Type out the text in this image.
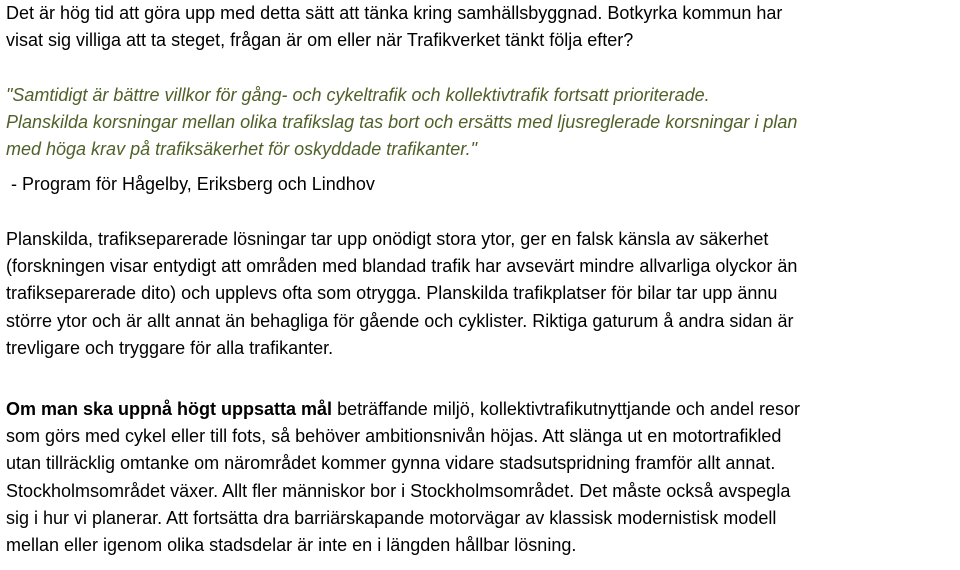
Det är hög tid att göra upp med detta sätt att tänka kring samhällsbyggnad. Botkyrka kommun har
visat sig villiga att ta steget, frågan är om eller när Trafikverket tänkt följa efter?
"Samtidigt är bättre villkor för gång- och cykeltrafik och kollektivtrafik fortsatt prioriterade.
Planskilda korsningar mellan olika trafikslag tas bort och ersätts med ljusreglerade korsningar i plan
med höga krav på trafiksäkerhet för oskyddade trafikanter."
- Program för Hågelby, Eriksberg och Lindhov
Planskilda, trafikseparerade lösningar tar upp onödigt stora ytor, ger en falsk känsla av säkerhet
(forskningen visar entydigt att områden med blandad trafik har avsevärt mindre allvarliga olyckor än
trafikseparerade dito) och upplevs ofta som otrygga. Planskilda trafikplatser för bilar tar upp ännu
större ytor och är allt annat än behagliga för gående och cyklister. Riktiga gaturum å andra sidan är
trevligare och tryggare för alla trafikanter.
Om man ska uppnå högt uppsatta mål beträffande miljö, kollektivtrafikutnyttjande och andel resor
som görs med cykel eller till fots, så behöver ambitionsnivån höjas. Att slänga ut en motortrafikled
utan tillräcklig omtanke om närområdet kommer gynna vidare stadsutspridning framför allt annat.
Stockholmsområdet växer. Allt fler människor bor i Stockholmsområdet. Det måste också avspegla
sig i hur vi planerar. Att fortsätta dra barriärskapande motorvägar av klassisk modernistisk modell
mellan eller igenom olika stadsdelar är inte en i längden hållbar lösning.
